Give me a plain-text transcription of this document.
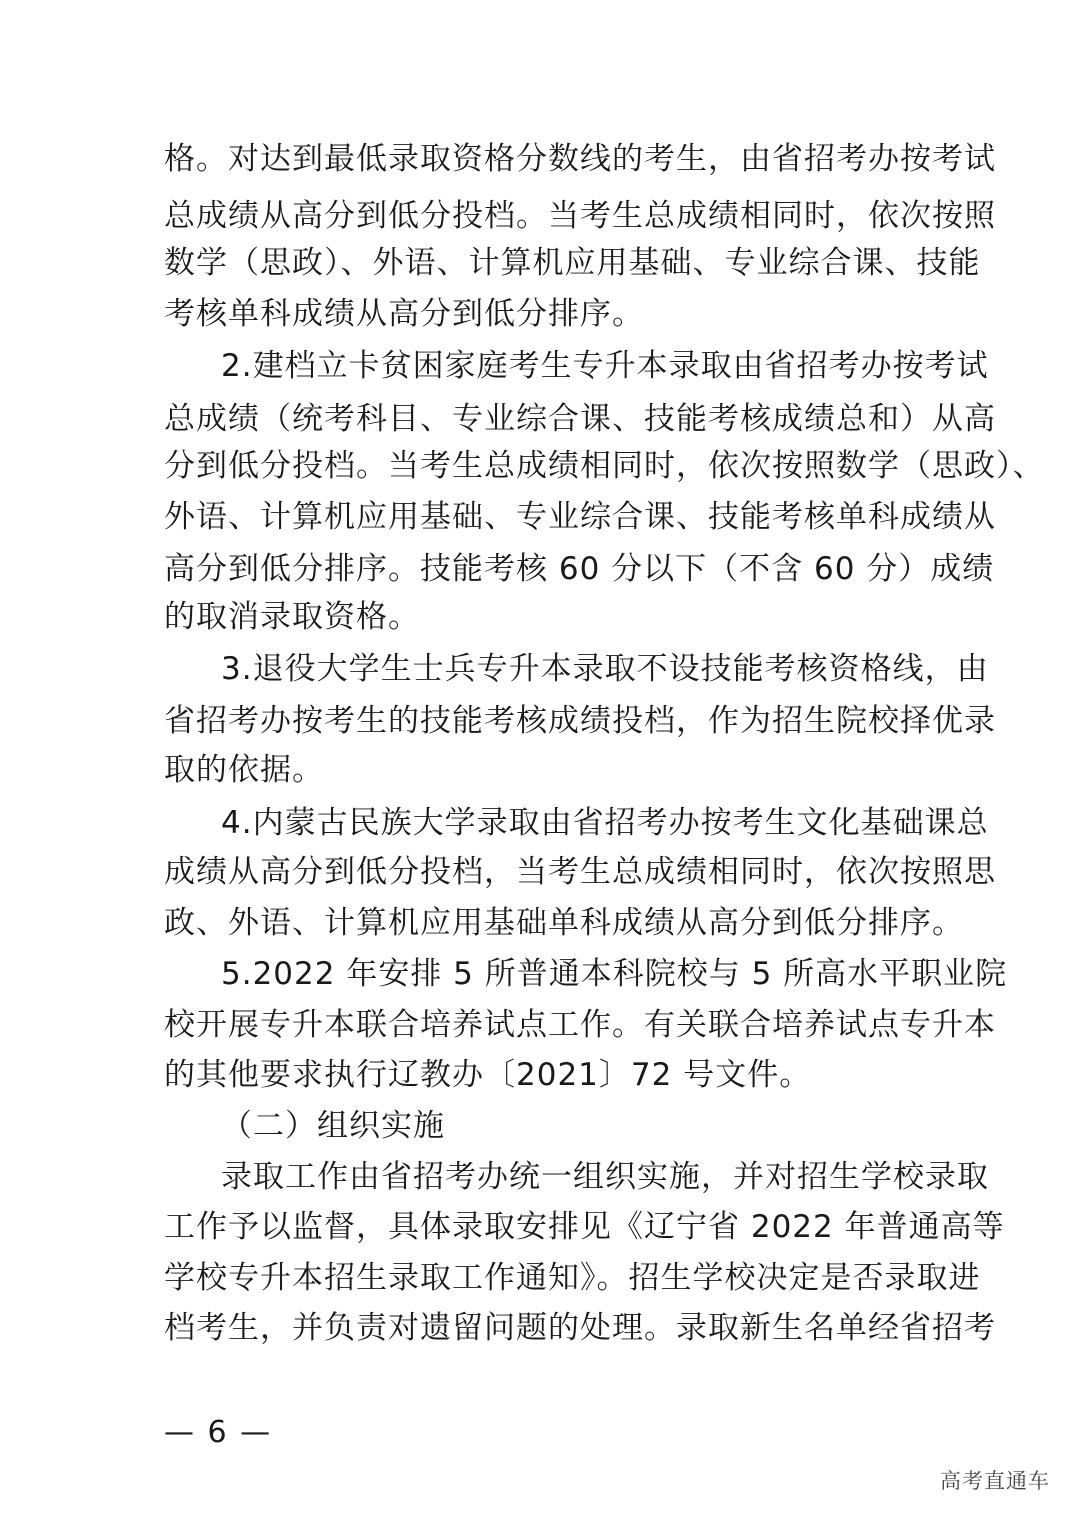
格。对达到最低录取资格分数线的考生，由省招考办按考试
总成绩从高分到低分投档。当考生总成绩相同时，依次按照
数学（思政）、外语、计算机应用基础、专业综合课、技能
考核单科成绩从高分到低分排序。
2.建档立卡贫困家庭考生专升本录取由省招考办按考试
总成绩（统考科目、专业综合课、技能考核成绩总和）从高
分到低分投档。当考生总成绩相同时，依次按照数学（思政）、
外语、计算机应用基础、专业综合课、技能考核单科成绩从
高分到低分排序。技能考核 60 分以下（不含 60 分）成绩
的取消录取资格。
3.退役大学生士兵专升本录取不设技能考核资格线，由
省招考办按考生的技能考核成绩投档，作为招生院校择优录
取的依据。
4.内蒙古民族大学录取由省招考办按考生文化基础课总
成绩从高分到低分投档，当考生总成绩相同时，依次按照思
政、外语、计算机应用基础单科成绩从高分到低分排序。
5.2022 年安排 5 所普通本科院校与 5 所高水平职业院
校开展专升本联合培养试点工作。有关联合培养试点专升本
的其他要求执行辽教办〔2021〕72 号文件。
（二）组织实施
录取工作由省招考办统一组织实施，并对招生学校录取
工作予以监督，具体录取安排见《辽宁省 2022 年普通高等
学校专升本招生录取工作通知》。招生学校决定是否录取进
档考生，并负责对遗留问题的处理。录取新生名单经省招考
— 6 —
高考直通车
